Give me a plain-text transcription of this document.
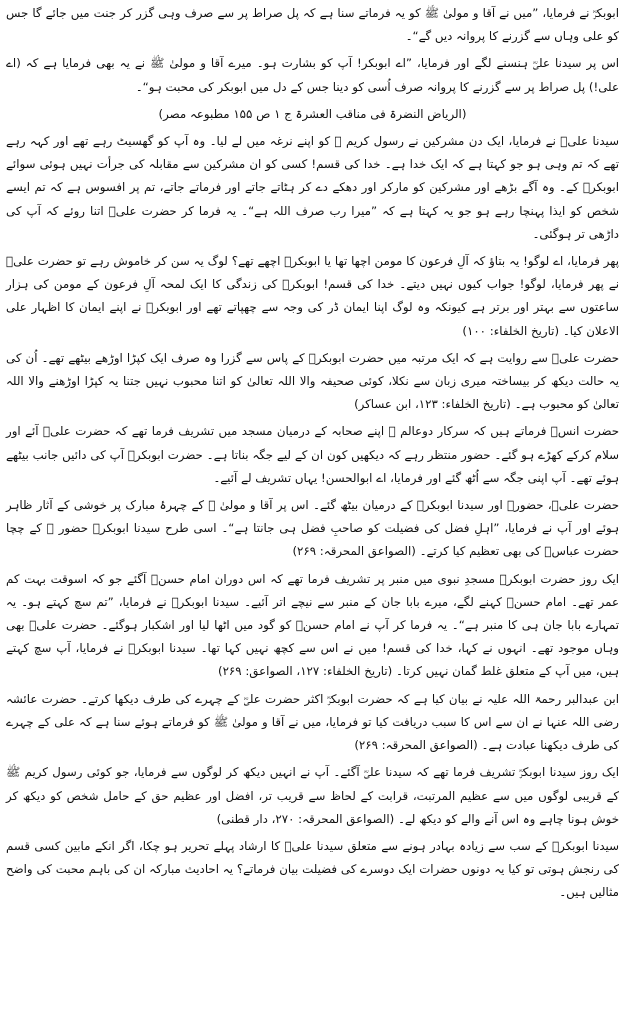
ابوبکرؓ نے فرمایا، ”میں نے آقا و مولیٰ ﷺ کو یہ فرماتے سنا ہے کہ پل صراط پر سے صرف وہی گزر کر جنت میں جائے گا جس کو علی وہاں سے گزرنے کا پروانہ دیں گے“۔

اس پر سیدنا علیؓ ہنسنے لگے اور فرمایا، ”اے ابوبکر! آپ کو بشارت ہو۔ میرے آقا و مولیٰ ﷺ نے یہ بھی فرمایا ہے کہ (اے علی!) پل صراط پر سے گزرنے کا پروانہ صرف اُسی کو دینا جس کے دل میں ابوبکر کی محبت ہو“۔

(الریاض النضرۃ فی مناقب العشرۃ ج ۱ ص ۱۵۵ مطبوعہ مصر)

سیدنا علیؓ نے فرمایا، ایک دن مشرکین نے رسول کریم ﷺ کو اپنے نرغہ میں لے لیا۔ وہ آپ کو گھسیٹ رہے تھے اور کہہ رہے تھے کہ تم وہی ہو جو کہتا ہے کہ ایک خدا ہے۔ خدا کی قسم! کسی کو ان مشرکین سے مقابلہ کی جرأت نہیں ہوئی سوائے ابوبکرؓ کے۔ وہ آگے بڑھے اور مشرکین کو مارکر اور دھکے دے کر ہٹاتے جاتے اور فرماتے جاتے، تم پر افسوس ہے کہ تم ایسے شخص کو ایذا پہنچا رہے ہو جو یہ کہتا ہے کہ ”میرا رب صرف اللہ ہے“۔ یہ فرما کر حضرت علیؓ اتنا روئے کہ آپ کی داڑھی تر ہوگئی۔

پھر فرمایا، اے لوگو! یہ بتاؤ کہ آلِ فرعون کا مومن اچھا تھا یا ابوبکرؓ اچھے تھے؟ لوگ یہ سن کر خاموش رہے تو حضرت علیؓ نے پھر فرمایا، لوگو! جواب کیوں نہیں دیتے۔ خدا کی قسم! ابوبکرؓ کی زندگی کا ایک لمحہ آلِ فرعون کے مومن کی ہزار ساعتوں سے بہتر اور برتر ہے کیونکہ وہ لوگ اپنا ایمان ڈر کی وجہ سے چھپاتے تھے اور ابوبکرؓ نے اپنے ایمان کا اظہار علی الاعلان کیا۔ (تاریخ الخلفاء: ۱۰۰)

حضرت علیؓ سے روایت ہے کہ ایک مرتبہ میں حضرت ابوبکرؓ کے پاس سے گزرا وہ صرف ایک کپڑا اوڑھے بیٹھے تھے۔ اُن کی یہ حالت دیکھ کر بیساختہ میری زبان سے نکلا، کوئی صحیفہ والا اللہ تعالیٰ کو اتنا محبوب نہیں جتنا یہ کپڑا اوڑھنے والا اللہ تعالیٰ کو محبوب ہے۔ (تاریخ الخلفاء: ۱۲۳، ابن عساکر)

حضرت انسؓ فرماتے ہیں کہ سرکار دوعالم ﷺ اپنے صحابہ کے درمیان مسجد میں تشریف فرما تھے کہ حضرت علیؓ آئے اور سلام کرکے کھڑے ہو گئے۔ حضور منتظر رہے کہ دیکھیں کون ان کے لیے جگہ بناتا ہے۔ حضرت ابوبکرؓ آپ کی دائیں جانب بیٹھے ہوئے تھے۔ آپ اپنی جگہ سے اُٹھ گئے اور فرمایا، اے ابوالحسن! یہاں تشریف لے آئیے۔

حضرت علیؓ، حضورﷺ اور سیدنا ابوبکرؓ کے درمیان بیٹھ گئے۔ اس پر آقا و مولیٰ ﷺ کے چہرۂ مبارک پر خوشی کے آثار ظاہر ہوئے اور آپ نے فرمایا، ”اہلِ فضل کی فضیلت کو صاحبِ فضل ہی جانتا ہے“۔ اسی طرح سیدنا ابوبکرؓ حضور ﷺ کے چچا حضرت عباسؓ کی بھی تعظیم کیا کرتے۔ (الصواعق المحرقہ: ۲۶۹)

ایک روز حضرت ابوبکرؓ مسجدِ نبوی میں منبر پر تشریف فرما تھے کہ اس دوران امام حسنؓ آگئے جو کہ اسوقت بہت کم عمر تھے۔ امام حسنؓ کہنے لگے، میرے بابا جان کے منبر سے نیچے اتر آئیے۔ سیدنا ابوبکرؓ نے فرمایا، ”تم سچ کہتے ہو۔ یہ تمہارے بابا جان ہی کا منبر ہے“۔ یہ فرما کر آپ نے امام حسنؓ کو گود میں اٹھا لیا اور اشکبار ہوگئے۔ حضرت علیؓ بھی وہاں موجود تھے۔ انہوں نے کہا، خدا کی قسم! میں نے اس سے کچھ نہیں کہا تھا۔ سیدنا ابوبکرؓ نے فرمایا، آپ سچ کہتے ہیں، میں آپ کے متعلق غلط گمان نہیں کرتا۔ (تاریخ الخلفاء: ۱۲۷، الصواعق: ۲۶۹)

ابن عبدالبر رحمۃ اللہ علیہ نے بیان کیا ہے کہ حضرت ابوبکرؓ اکثر حضرت علیؓ کے چہرے کی طرف دیکھا کرتے۔ حضرت عائشہ رضی اللہ عنہا نے ان سے اس کا سبب دریافت کیا تو فرمایا، میں نے آقا و مولیٰ ﷺ کو فرماتے ہوئے سنا ہے کہ علی کے چہرے کی طرف دیکھنا عبادت ہے۔ (الصواعق المحرقہ: ۲۶۹)

ایک روز سیدنا ابوبکرؓ تشریف فرما تھے کہ سیدنا علیؓ آگئے۔ آپ نے انہیں دیکھ کر لوگوں سے فرمایا، جو کوئی رسول کریم ﷺ کے قریبی لوگوں میں سے عظیم المرتبت، قرابت کے لحاظ سے قریب تر، افضل اور عظیم حق کے حامل شخص کو دیکھ کر خوش ہونا چاہے وہ اس آنے والے کو دیکھ لے۔ (الصواعق المحرقہ: ۲۷۰، دار قطنی)

سیدنا ابوبکرؓ کے سب سے زیادہ بہادر ہونے سے متعلق سیدنا علیؓ کا ارشاد پہلے تحریر ہو چکا، اگر انکے مابین کسی قسم کی رنجش ہوتی تو کیا یہ دونوں حضرات ایک دوسرے کی فضیلت بیان فرماتے؟ یہ احادیث مبارکہ ان کی باہم محبت کی واضح مثالیں ہیں۔
